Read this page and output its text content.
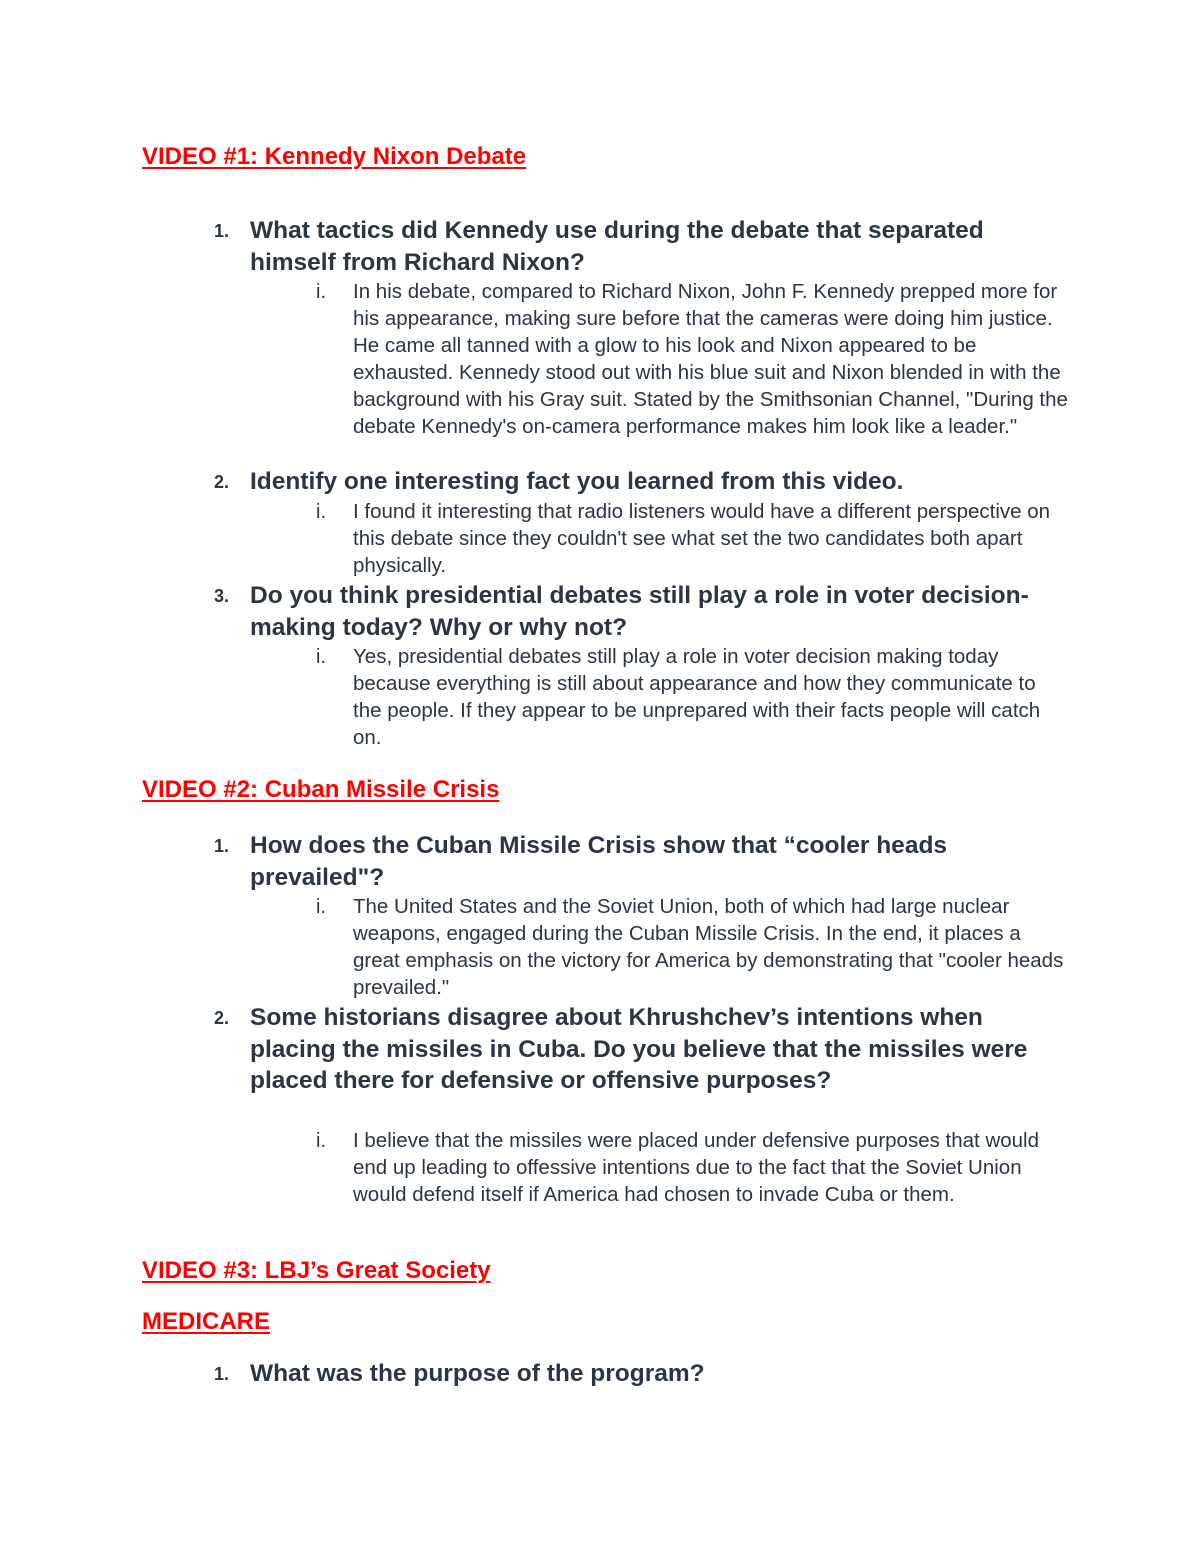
VIDEO #1: Kennedy Nixon Debate
1. What tactics did Kennedy use during the debate that separated himself from Richard Nixon?
i. In his debate, compared to Richard Nixon, John F. Kennedy prepped more for his appearance, making sure before that the cameras were doing him justice. He came all tanned with a glow to his look and Nixon appeared to be exhausted. Kennedy stood out with his blue suit and Nixon blended in with the background with his Gray suit. Stated by the Smithsonian Channel, "During the debate Kennedy's on-camera performance makes him look like a leader."
2. Identify one interesting fact you learned from this video.
i. I found it interesting that radio listeners would have a different perspective on this debate since they couldn't see what set the two candidates both apart physically.
3. Do you think presidential debates still play a role in voter decision-making today? Why or why not?
i. Yes, presidential debates still play a role in voter decision making today because everything is still about appearance and how they communicate to the people. If they appear to be unprepared with their facts people will catch on.
VIDEO #2: Cuban Missile Crisis
1. How does the Cuban Missile Crisis show that “cooler heads prevailed"?
i. The United States and the Soviet Union, both of which had large nuclear weapons, engaged during the Cuban Missile Crisis. In the end, it places a great emphasis on the victory for America by demonstrating that "cooler heads prevailed."
2. Some historians disagree about Khrushchev’s intentions when placing the missiles in Cuba. Do you believe that the missiles were placed there for defensive or offensive purposes?
i. I believe that the missiles were placed under defensive purposes that would end up leading to offessive intentions due to the fact that the Soviet Union would defend itself if America had chosen to invade Cuba or them.
VIDEO #3: LBJ’s Great Society
MEDICARE
1. What was the purpose of the program?
